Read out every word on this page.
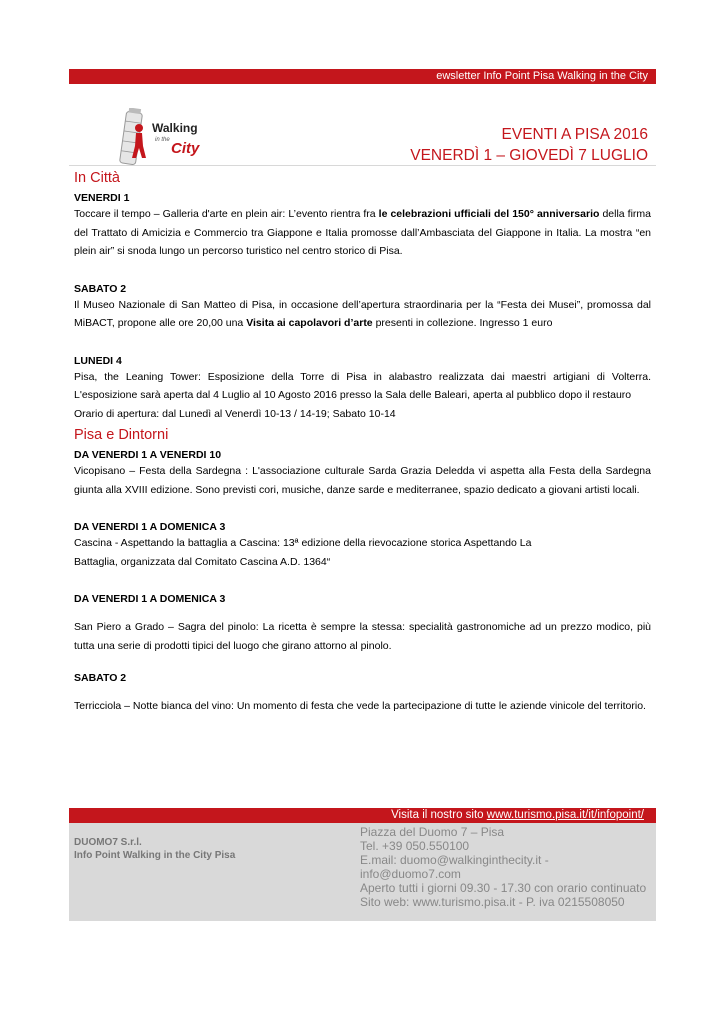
ewsletter Info Point Pisa Walking in the City
Walking
in the City
EVENTI A PISA 2016
VENERDÌ 1 – GIOVEDÌ 7 LUGLIO
In Città
VENERDI 1
Toccare il tempo – Galleria d'arte en plein air: L’evento rientra fra le celebrazioni ufficiali del 150° anniversario della firma del Trattato di Amicizia e Commercio tra Giappone e Italia promosse dall’Ambasciata del Giappone in Italia. La mostra “en plein air” si snoda lungo un percorso turistico nel centro storico di Pisa.
SABATO 2
Il Museo Nazionale di San Matteo di Pisa, in occasione dell’apertura straordinaria per la “Festa dei Musei”, promossa dal MiBACT, propone alle ore 20,00 una Visita ai capolavori d’arte presenti in collezione. Ingresso 1 euro
LUNEDI 4
Pisa, the Leaning Tower: Esposizione della Torre di Pisa in alabastro realizzata dai maestri artigiani di Volterra. L'esposizione sarà aperta dal 4 Luglio al 10 Agosto 2016 presso la Sala delle Baleari, aperta al pubblico dopo il restauro
Orario di apertura: dal Lunedì al Venerdì 10-13 / 14-19; Sabato 10-14
Pisa e Dintorni
DA VENERDI 1 A VENERDI 10
Vicopisano – Festa della Sardegna : L'associazione culturale Sarda Grazia Deledda vi aspetta alla Festa della Sardegna giunta alla XVIII edizione. Sono previsti cori, musiche, danze sarde e mediterranee, spazio dedicato a giovani artisti locali.
DA VENERDI 1 A DOMENICA 3
Cascina - Aspettando la battaglia a Cascina: 13ª edizione della rievocazione storica Aspettando La
Battaglia, organizzata dal Comitato Cascina A.D. 1364“
DA VENERDI 1 A DOMENICA 3
San Piero a Grado – Sagra del pinolo: La ricetta è sempre la stessa: specialità gastronomiche ad un prezzo modico, più tutta una serie di prodotti tipici del luogo che girano attorno al pinolo.
SABATO 2
Terricciola – Notte bianca del vino: Un momento di festa che vede la partecipazione di tutte le aziende vinicole del territorio.
Visita il nostro sito www.turismo.pisa.it/it/infopoint/
DUOMO7 S.r.l.
Info Point Walking in the City Pisa
Piazza del Duomo 7 – Pisa
Tel. +39 050.550100
E.mail: duomo@walkinginthecity.it - info@duomo7.com
Aperto tutti i giorni 09.30 - 17.30 con orario continuato
Sito web: www.turismo.pisa.it - P. iva 0215508050
